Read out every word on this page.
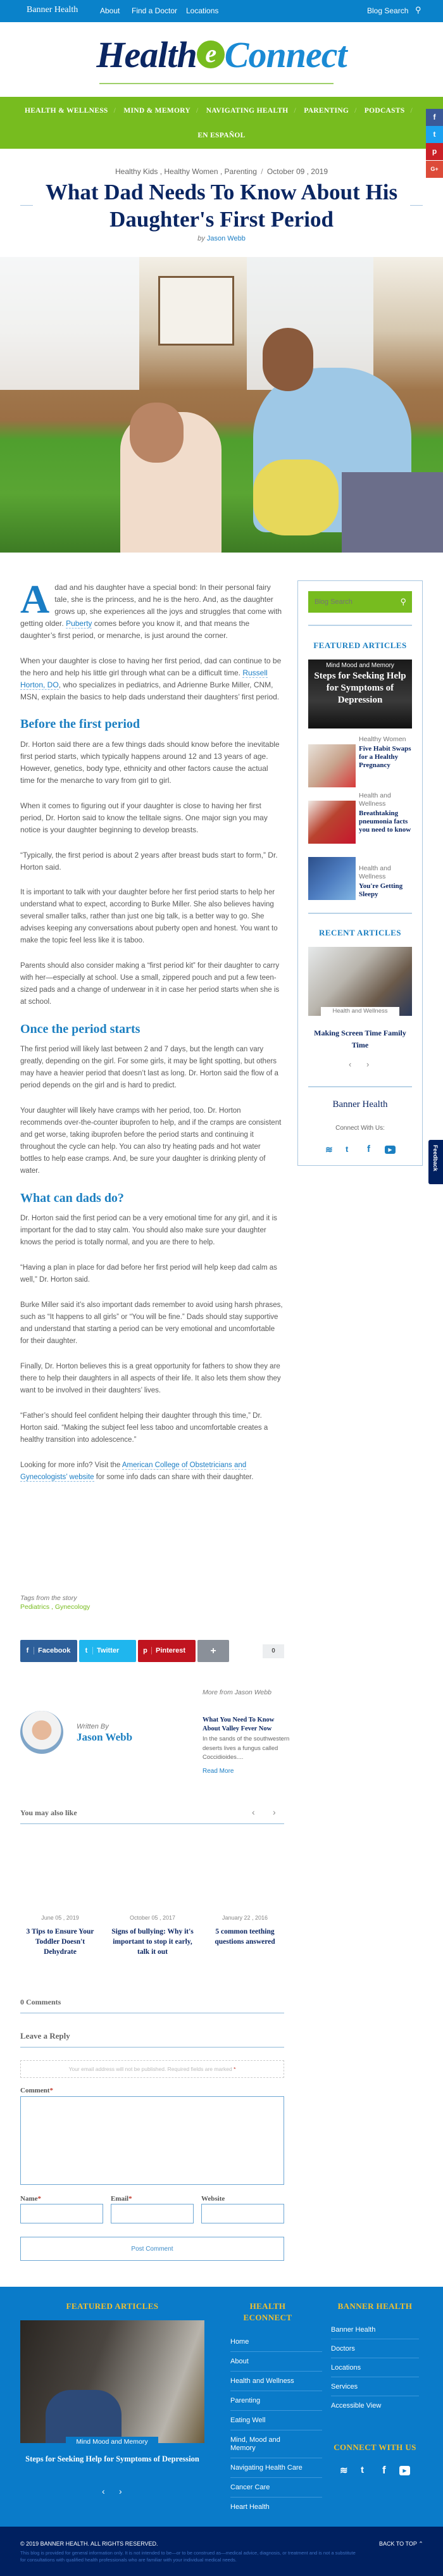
Banner Health	About Find a Doctor Locations	Blog Search ⚲
Health e Connect
HEALTH & WELLNESS / MIND & MEMORY / NAVIGATING HEALTH / PARENTING / PODCASTS /
EN ESPAÑOL
f
t
p
G+
Healthy Kids , Healthy Women , Parenting / October 09 , 2019
What Dad Needs To Know About His Daughter's First Period
by Jason Webb
Adad and his daughter have a special bond: In their personal fairy tale, she is the princess, and he is the hero. And, as the daughter grows up, she experiences all the joys and struggles that come with getting older. Puberty comes before you know it, and that means the daughter’s first period, or menarche, is just around the corner.
When your daughter is close to having her first period, dad can continue to be the hero and help his little girl through what can be a difficult time. Russell Horton, DO, who specializes in pediatrics, and Adrienne Burke Miller, CNM, MSN, explain the basics to help dads understand their daughters’ first period.
Before the first period

Dr. Horton said there are a few things dads should know before the inevitable first period starts, which typically happens around 12 and 13 years of age. However, genetics, body type, ethnicity and other factors cause the actual time for the menarche to vary from girl to girl.

When it comes to figuring out if your daughter is close to having her first period, Dr. Horton said to know the telltale signs. One major sign you may notice is your daughter beginning to develop breasts.

“Typically, the first period is about 2 years after breast buds start to form,” Dr. Horton said.

It is important to talk with your daughter before her first period starts to help her understand what to expect, according to Burke Miller. She also believes having several smaller talks, rather than just one big talk, is a better way to go. She advises keeping any conversations about puberty open and honest. You want to make the topic feel less like it is taboo.

Parents should also consider making a “first period kit” for their daughter to carry with her—especially at school. Use a small, zippered pouch and put a few teen-sized pads and a change of underwear in it in case her period starts when she is at school.

Once the period starts

The first period will likely last between 2 and 7 days, but the length can vary greatly, depending on the girl. For some girls, it may be light spotting, but others may have a heavier period that doesn’t last as long. Dr. Horton said the flow of a period depends on the girl and is hard to predict.

Your daughter will likely have cramps with her period, too. Dr. Horton recommends over-the-counter ibuprofen to help, and if the cramps are consistent and get worse, taking ibuprofen before the period starts and continuing it throughout the cycle can help. You can also try heating pads and hot water bottles to help ease cramps. And, be sure your daughter is drinking plenty of water.

What can dads do?

Dr. Horton said the first period can be a very emotional time for any girl, and it is important for the dad to stay calm. You should also make sure your daughter knows the period is totally normal, and you are there to help.

“Having a plan in place for dad before her first period will help keep dad calm as well,” Dr. Horton said.

Burke Miller said it’s also important dads remember to avoid using harsh phrases, such as “It happens to all girls” or “You will be fine.” Dads should stay supportive and understand that starting a period can be very emotional and uncomfortable for their daughter.

Finally, Dr. Horton believes this is a great opportunity for fathers to show they are there to help their daughters in all aspects of their life. It also lets them show they want to be involved in their daughters’ lives.

“Father’s should feel confident helping their daughter through this time,” Dr. Horton said. “Making the subject feel less taboo and uncomfortable creates a healthy transition into adolescence.”

Looking for more info? Visit the American College of Obstetricians and Gynecologists’ website for some info dads can share with their daughter.
Blog Search
⚲
FEATURED ARTICLES
Mind Mood and Memory
Steps for Seeking Help for Symptoms of Depression
Healthy Women
Five Habit Swaps for a Healthy Pregnancy
Health and Wellness
Breathtaking pneumonia facts you need to know
Health and Wellness
You're Getting Sleepy
RECENT ARTICLES
Health and Wellness
Making Screen Time Family Time
‹ ›
Banner Health
Connect With Us:
≋ t f	▶	Feedback
Tags from the story
Pediatrics , Gynecology
f Facebook	t Twitter	p Pinterest	+	0
Written By
Jason Webb
More from Jason Webb
What You Need To Know About Valley Fever Now
In the sands of the southwestern deserts lives a fungus called Coccidioides....
Read More
You may also like	‹ ›
June 05 , 2019
3 Tips to Ensure Your Toddler Doesn't Dehydrate
October 05 , 2017
Signs of bullying: Why it's important to stop it early, talk it out
January 22 , 2016
5 common teething questions answered
0 Comments
Leave a Reply
Your email address will not be published. Required fields are marked *
Comment*
Name*	Email*	Website
Post Comment
FEATURED ARTICLES
Mind Mood and Memory
Steps for Seeking Help for Symptoms of Depression
‹ ›
HEALTH
ECONNECT
Home
About
Health and Wellness
Parenting
Eating Well
Mind, Mood and Memory
Navigating Health Care
Cancer Care
Heart Health
BANNER HEALTH
Banner Health
Doctors
Locations
Services
Accessible View
CONNECT WITH US
≋ t f	▶
© 2019 BANNER HEALTH. ALL RIGHTS RESERVED.
This blog is provided for general information only. It is not intended to be—or to be construed as—medical advice, diagnosis, or treatment and is not a substitute for consultations with qualified health professionals who are familiar with your individual medical needs.
BACK TO TOP ⌃
